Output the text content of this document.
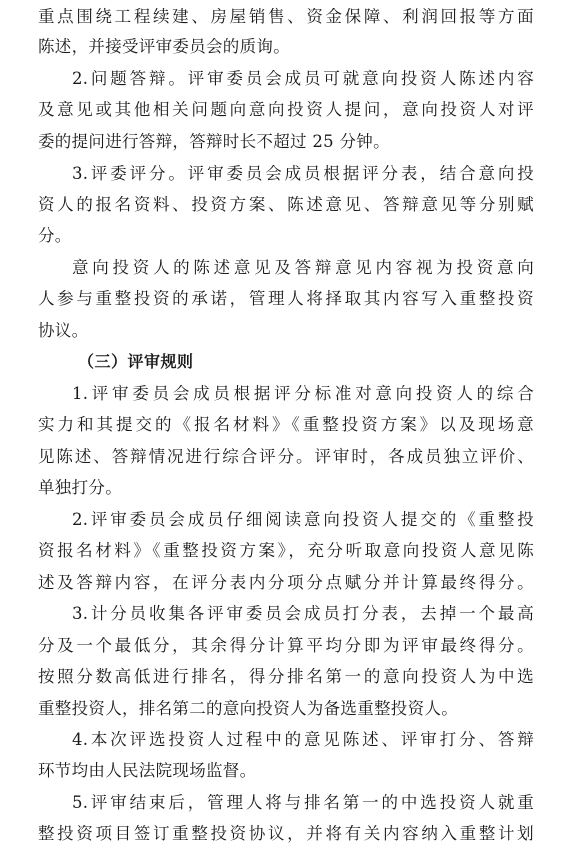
重点围绕工程续建、房屋销售、资金保障、利润回报等方面
陈述，并接受评审委员会的质询。
2.问题答辩。评审委员会成员可就意向投资人陈述内容
及意见或其他相关问题向意向投资人提问，意向投资人对评
委的提问进行答辩，答辩时长不超过 25 分钟。
3.评委评分。评审委员会成员根据评分表，结合意向投
资人的报名资料、投资方案、陈述意见、答辩意见等分别赋
分。
意向投资人的陈述意见及答辩意见内容视为投资意向
人参与重整投资的承诺，管理人将择取其内容写入重整投资
协议。
（三）评审规则
1.评审委员会成员根据评分标准对意向投资人的综合
实力和其提交的《报名材料》《重整投资方案》以及现场意
见陈述、答辩情况进行综合评分。评审时，各成员独立评价、
单独打分。
2.评审委员会成员仔细阅读意向投资人提交的《重整投
资报名材料》《重整投资方案》，充分听取意向投资人意见陈
述及答辩内容，在评分表内分项分点赋分并计算最终得分。
3.计分员收集各评审委员会成员打分表，去掉一个最高
分及一个最低分，其余得分计算平均分即为评审最终得分。
按照分数高低进行排名，得分排名第一的意向投资人为中选
重整投资人，排名第二的意向投资人为备选重整投资人。
4.本次评选投资人过程中的意见陈述、评审打分、答辩
环节均由人民法院现场监督。
5.评审结束后，管理人将与排名第一的中选投资人就重
整投资项目签订重整投资协议，并将有关内容纳入重整计划
